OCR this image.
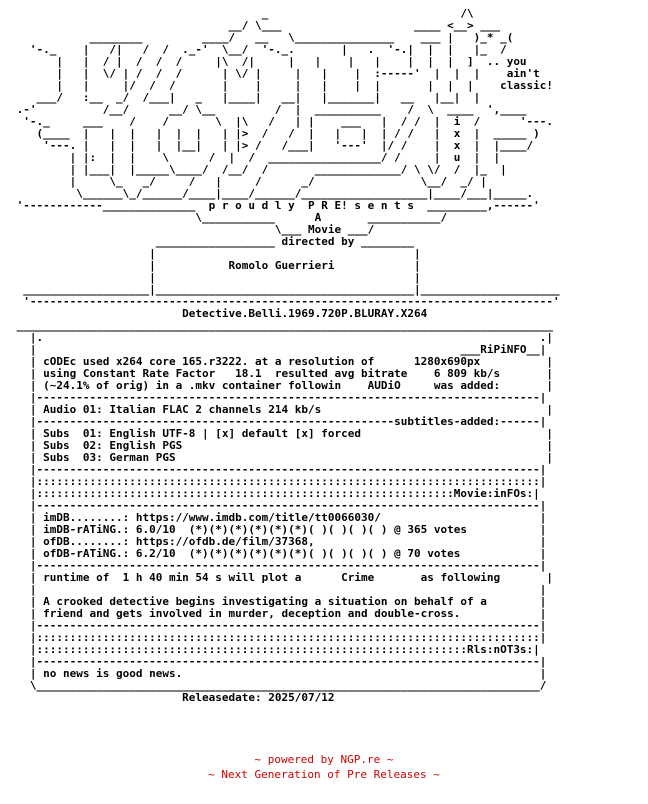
_                             /\
__/ \___                    ____ <__> ___
________         ____/   __   \_______________    ___ |   )_* _(
'-._    |   /|   /  /  ._-'  \__/  '-._.       |   .  '-.|  |  |   |_  /
|   |  / |  /  /  /     |\  /|     |   |    |   |    |  |  |  ]  .. you
|   |  \/ | /  /  /      | \/ |     |   |    |  :-----'  |  |  |    ain't
|   |     |/  /  /       |    |     |   |    |  |       |  |  |    classic!
___/   :__  _/  /___|   _   |____|   __|   |_______|   __   |__|  |
.-'          /__/      __/ \__         /  |  __________    /  \  ____  ',____
'-._     ___    /    /       \  |\   /   | |    ___   |  / /  |  i  /      '---.
(____  |   |  |   |  |  |   | |>  /   /  |   |   |  | / /   |  x  |  _____ )
'---. |   |  |   |  |__|   | |> /   /___|   '---'  |/ /    |  x  |  |____/
| |:  |  |    \      /  |  /  _________________/ /     |  u  |  |
| |___|  |_____\____/  /__/  /       _____________/ \ \/  /  |_  |
|     \_   _/     /   |     /      _/                \__/  _/ |
\______\_/______/____|____/______/___________________|____/___|_____.
'------------______________  p r o u d l y  P R E! s e n t s  _________,------'
\___________      A       ___________/
\___ Movie ___/
__________________ directed by ________
|                                       |
|           Romolo Guerrieri            |
|                                       |
___________________|_______________________________________|_____________________
'-------------------------------------------------------------------------------'
Detective.Belli.1969.720P.BLURAY.X264
_________________________________________________________________________________
|.                                                                           .|
|                                                                ___RiPiNFO__|
| cODEc used x264 core 165.r3222. at a resolution of      1280x690px          |
| using Constant Rate Factor   18.1  resulted avg bitrate    6 809 kb/s       |
| (~24.1% of orig) in a .mkv container followin    AUDiO     was added:       |
|----------------------------------------------------------------------------|
| Audio 01: Italian FLAC 2 channels 214 kb/s                                  |
|------------------------------------------------------subtitles-added:------|
| Subs  01: English UTF-8 | [x] default [x] forced                            |
| Subs  02: English PGS                                                       |
| Subs  03: German PGS                                                        |
|----------------------------------------------------------------------------|
|::::::::::::::::::::::::::::::::::::::::::::::::::::::::::::::::::::::::::::|
|:::::::::::::::::::::::::::::::::::::::::::::::::::::::::::::::Movie:inFOs:|
|----------------------------------------------------------------------------|
| imDB........: https://www.imdb.com/title/tt0066030/                        |
| imDB-rATiNG.: 6.0/10  (*)(*)(*)(*)(*)(*)( )( )( )( ) @ 365 votes           |
| ofDB........: https://ofdb.de/film/37368,                                  |
| ofDB-rATiNG.: 6.2/10  (*)(*)(*)(*)(*)(*)( )( )( )( ) @ 70 votes            |
|----------------------------------------------------------------------------|
| runtime of  1 h 40 min 54 s will plot a      Crime       as following       |
|                                                                            |
| A crooked detective begins investigating a situation on behalf of a        |
| friend and gets involved in murder, deception and double-cross.            |
|----------------------------------------------------------------------------|
|::::::::::::::::::::::::::::::::::::::::::::::::::::::::::::::::::::::::::::|
|:::::::::::::::::::::::::::::::::::::::::::::::::::::::::::::::::Rls:nOT3s:|
|----------------------------------------------------------------------------|
| no news is good news.                                                      |
\____________________________________________________________________________/
Releasedate: 2025/07/12

~ powered by NGP.re ~
~ Next Generation of Pre Releases ~
